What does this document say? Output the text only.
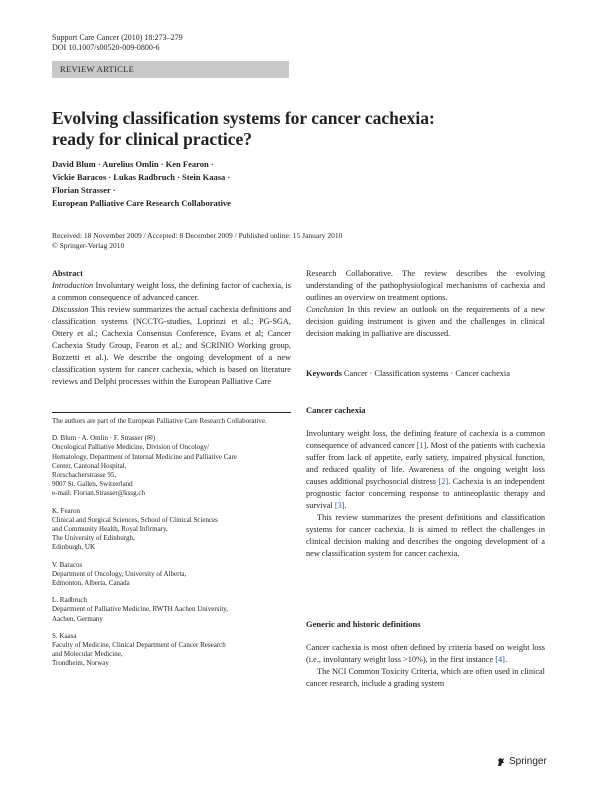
Support Care Cancer (2010) 18:273–279
DOI 10.1007/s00520-009-0800-6
REVIEW ARTICLE
Evolving classification systems for cancer cachexia:
ready for clinical practice?
David Blum · Aurelius Omlin · Ken Fearon ·
Vickie Baracos · Lukas Radbruch · Stein Kaasa ·
Florian Strasser ·
European Palliative Care Research Collaborative
Received: 18 November 2009 / Accepted: 8 December 2009 / Published online: 15 January 2010
© Springer-Verlag 2010
Abstract
Introduction Involuntary weight loss, the defining factor of cachexia, is a common consequence of advanced cancer.
Discussion This review summarizes the actual cachexia definitions and classification systems (NCCTG-studies, Loprinzi et al.; PG-SGA, Ottery et al.; Cachexia Consensus Conference, Evans et al; Cancer Cachexia Study Group, Fearon et al.; and SCRINIO Working group, Bozzetti et al.). We describe the ongoing development of a new classification system for cancer cachexia, which is based on literature reviews and Delphi processes within the European Palliative Care
The authors are part of the European Palliative Care Research Collaborative.
D. Blum · A. Omlin · F. Strasser (✉)
Oncological Palliative Medicine, Division of Oncology/
Hematology, Department of Internal Medicine and Palliative Care
Center, Cantonal Hospital,
Rorschacherstrasse 95,
9007 St. Gallen, Switzerland
e-mail: Florian.Strasser@kssg.ch
K. Fearon
Clinical and Surgical Sciences, School of Clinical Sciences
and Community Health, Royal Infirmary,
The University of Edinburgh,
Edinburgh, UK
V. Baracos
Department of Oncology, University of Alberta,
Edmonton, Alberta, Canada
L. Radbruch
Department of Palliative Medicine, RWTH Aachen University,
Aachen, Germany
S. Kaasa
Faculty of Medicine, Clinical Department of Cancer Research
and Molecular Medicine,
Trondheim, Norway
Research Collaborative. The review describes the evolving understanding of the pathophysiological mechanisms of cachexia and outlines an overview on treatment options.
Conclusion In this review an outlook on the requirements of a new decision guiding instrument is given and the challenges in clinical decision making in palliative are discussed.
Keywords Cancer · Classification systems · Cancer cachexia
Cancer cachexia
Involuntary weight loss, the defining feature of cachexia is a common consequence of advanced cancer [1]. Most of the patients with cachexia suffer from lack of appetite, early satiety, impaired physical function, and reduced quality of life. Awareness of the ongoing weight loss causes additional psychosocial distress [2]. Cachexia is an independent prognostic factor concerning response to antineoplastic therapy and survival [3].
This review summarizes the present definitions and classification systems for cancer cachexia. It is aimed to reflect the challenges in clinical decision making and describes the ongoing development of a new classification system for cancer cachexia.
Generic and historic definitions
Cancer cachexia is most often defined by criteria based on weight loss (i.e., involuntary weight loss >10%), in the first instance [4].
The NCI Common Toxicity Criteria, which are often used in clinical cancer research, include a grading system
Springer
